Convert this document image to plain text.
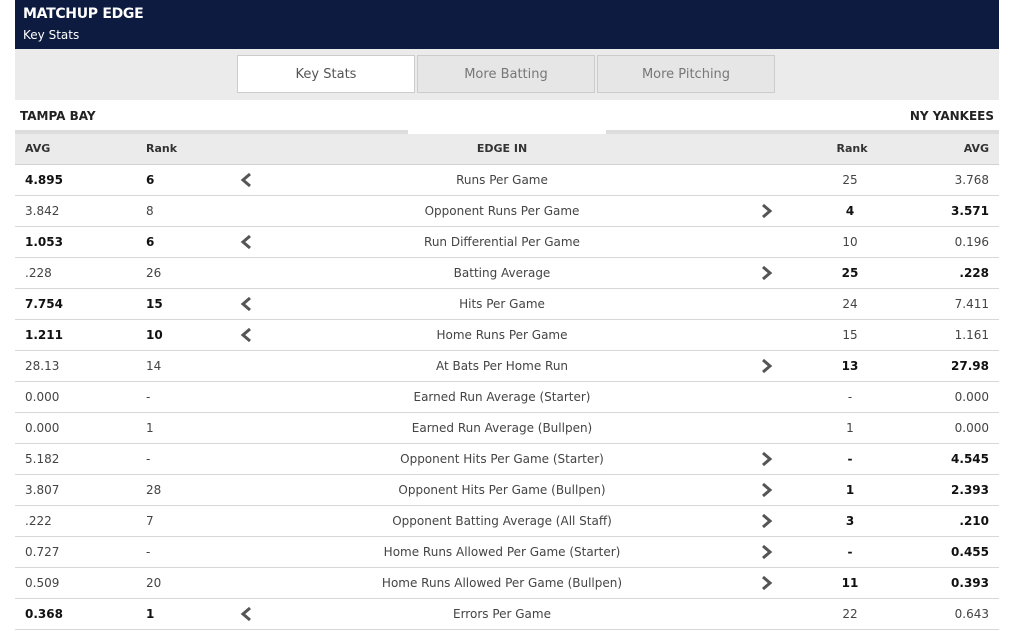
MATCHUP EDGE
Key Stats
Key Stats	More Batting	More Pitching
TAMPA BAY	NY YANKEES
AVG	Rank	EDGE IN	Rank	AVG
4.895	6	Runs Per Game	25	3.768
3.842	8	Opponent Runs Per Game	4	3.571
1.053	6	Run Differential Per Game	10	0.196
.228	26	Batting Average	25	.228
7.754	15	Hits Per Game	24	7.411
1.211	10	Home Runs Per Game	15	1.161
28.13	14	At Bats Per Home Run	13	27.98
0.000	-	Earned Run Average (Starter)	-	0.000
0.000	1	Earned Run Average (Bullpen)	1	0.000
5.182	-	Opponent Hits Per Game (Starter)	-	4.545
3.807	28	Opponent Hits Per Game (Bullpen)	1	2.393
.222	7	Opponent Batting Average (All Staff)	3	.210
0.727	-	Home Runs Allowed Per Game (Starter)	-	0.455
0.509	20	Home Runs Allowed Per Game (Bullpen)	11	0.393
0.368	1	Errors Per Game	22	0.643
